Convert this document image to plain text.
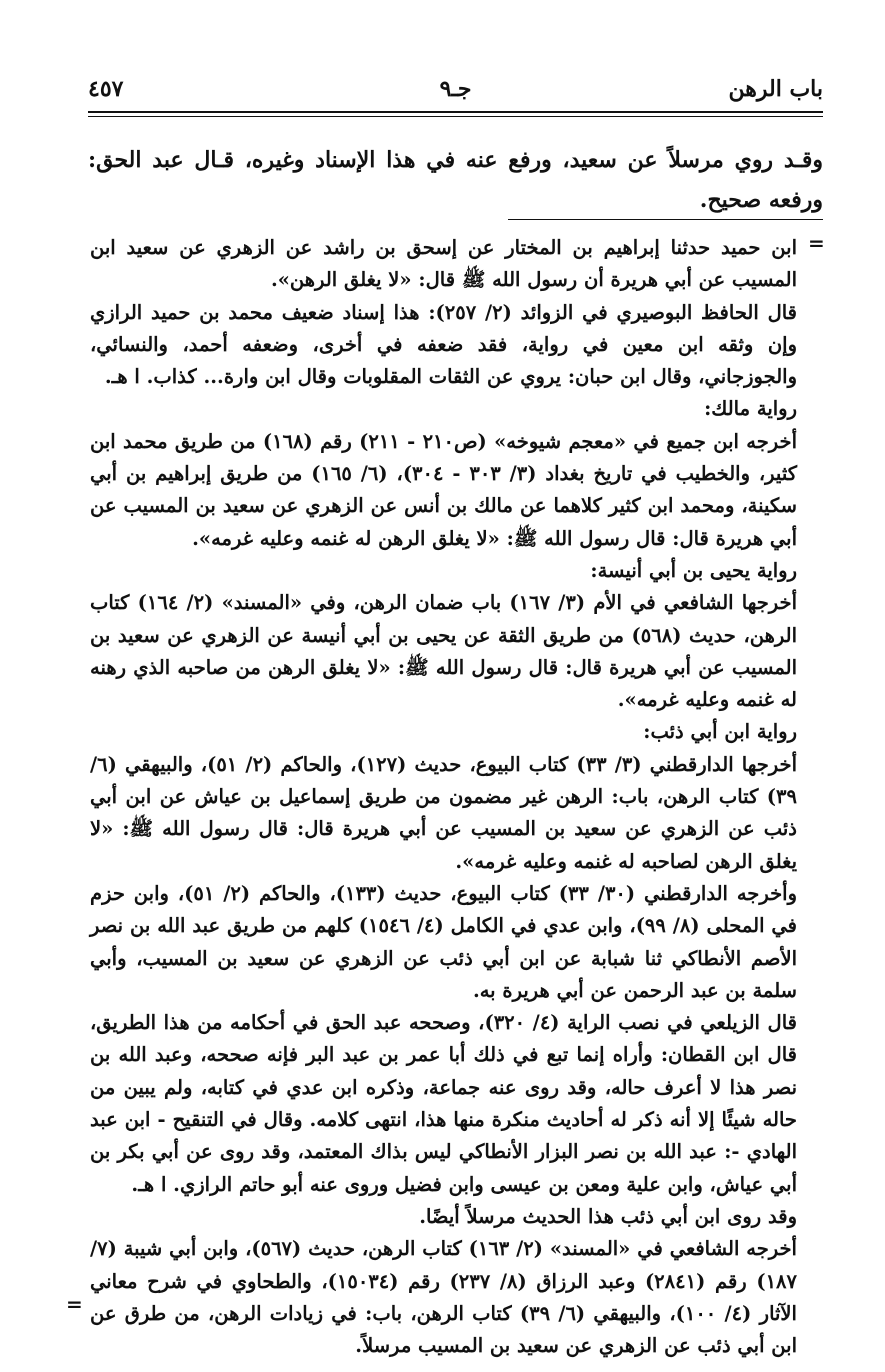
باب الرهن
جـ٩
٤٥٧
وقـد روي مرسلاً عن سعيد، ورفع عنه في هذا الإسناد وغيره، قـال عبد الحق: ورفعه صحيح.
=

ابن حميد حدثنا إبراهيم بن المختار عن إسحق بن راشد عن الزهري عن سعيد ابن المسيب عن أبي هريرة أن رسول الله ﷺ قال: «لا يغلق الرهن».

قال الحافظ البوصيري في الزوائد (٢/ ٢٥٧): هذا إسناد ضعيف محمد بن حميد الرازي وإن وثقه ابن معين في رواية، فقد ضعفه في أخرى، وضعفه أحمد، والنسائي، والجوزجاني، وقال ابن حبان: يروي عن الثقات المقلوبات وقال ابن وارة... كذاب. ا هـ.

رواية مالك:

أخرجه ابن جميع في «معجم شيوخه» (ص٢١٠ - ٢١١) رقم (١٦٨) من طريق محمد ابن كثير، والخطيب في تاريخ بغداد (٣/ ٣٠٣ - ٣٠٤)، (٦/ ١٦٥) من طريق إبراهيم بن أبي سكينة، ومحمد ابن كثير كلاهما عن مالك بن أنس عن الزهري عن سعيد بن المسيب عن أبي هريرة قال: قال رسول الله ﷺ: «لا يغلق الرهن له غنمه وعليه غرمه».

رواية يحيى بن أبي أنيسة:

أخرجها الشافعي في الأم (٣/ ١٦٧) باب ضمان الرهن، وفي «المسند» (٢/ ١٦٤) كتاب الرهن، حديث (٥٦٨) من طريق الثقة عن يحيى بن أبي أنيسة عن الزهري عن سعيد بن المسيب عن أبي هريرة قال: قال رسول الله ﷺ: «لا يغلق الرهن من صاحبه الذي رهنه له غنمه وعليه غرمه».

رواية ابن أبي ذئب:

أخرجها الدارقطني (٣/ ٣٣) كتاب البيوع، حديث (١٢٧)، والحاكم (٢/ ٥١)، والبيهقي (٦/ ٣٩) كتاب الرهن، باب: الرهن غير مضمون من طريق إسماعيل بن عياش عن ابن أبي ذئب عن الزهري عن سعيد بن المسيب عن أبي هريرة قال: قال رسول الله ﷺ: «لا يغلق الرهن لصاحبه له غنمه وعليه غرمه».

وأخرجه الدارقطني (٣٠/ ٣٣) كتاب البيوع، حديث (١٣٣)، والحاكم (٢/ ٥١)، وابن حزم في المحلى (٨/ ٩٩)، وابن عدي في الكامل (٤/ ١٥٤٦) كلهم من طريق عبد الله بن نصر الأصم الأنطاكي ثنا شبابة عن ابن أبي ذئب عن الزهري عن سعيد بن المسيب، وأبي سلمة بن عبد الرحمن عن أبي هريرة به.

قال الزيلعي في نصب الراية (٤/ ٣٢٠)، وصححه عبد الحق في أحكامه من هذا الطريق، قال ابن القطان: وأراه إنما تبع في ذلك أبا عمر بن عبد البر فإنه صححه، وعبد الله بن نصر هذا لا أعرف حاله، وقد روى عنه جماعة، وذكره ابن عدي في كتابه، ولم يبين من حاله شيئًا إلا أنه ذكر له أحاديث منكرة منها هذا، انتهى كلامه. وقال في التنقيح - ابن عبد الهادي -: عبد الله بن نصر البزار الأنطاكي ليس بذاك المعتمد، وقد روى عن أبي بكر بن أبي عياش، وابن علية ومعن بن عيسى وابن فضيل وروى عنه أبو حاتم الرازي. ا هـ.

وقد روى ابن أبي ذئب هذا الحديث مرسلاً أيضًا.

أخرجه الشافعي في «المسند» (٢/ ١٦٣) كتاب الرهن، حديث (٥٦٧)، وابن أبي شيبة (٧/ ١٨٧) رقم (٢٨٤١) وعبد الرزاق (٨/ ٢٣٧) رقم (١٥٠٣٤)، والطحاوي في شرح معاني الآثار (٤/ ١٠٠)، والبيهقي (٦/ ٣٩) كتاب الرهن، باب: في زيادات الرهن، من طرق عن ابن أبي ذئب عن الزهري عن سعيد بن المسيب مرسلاً.

=
